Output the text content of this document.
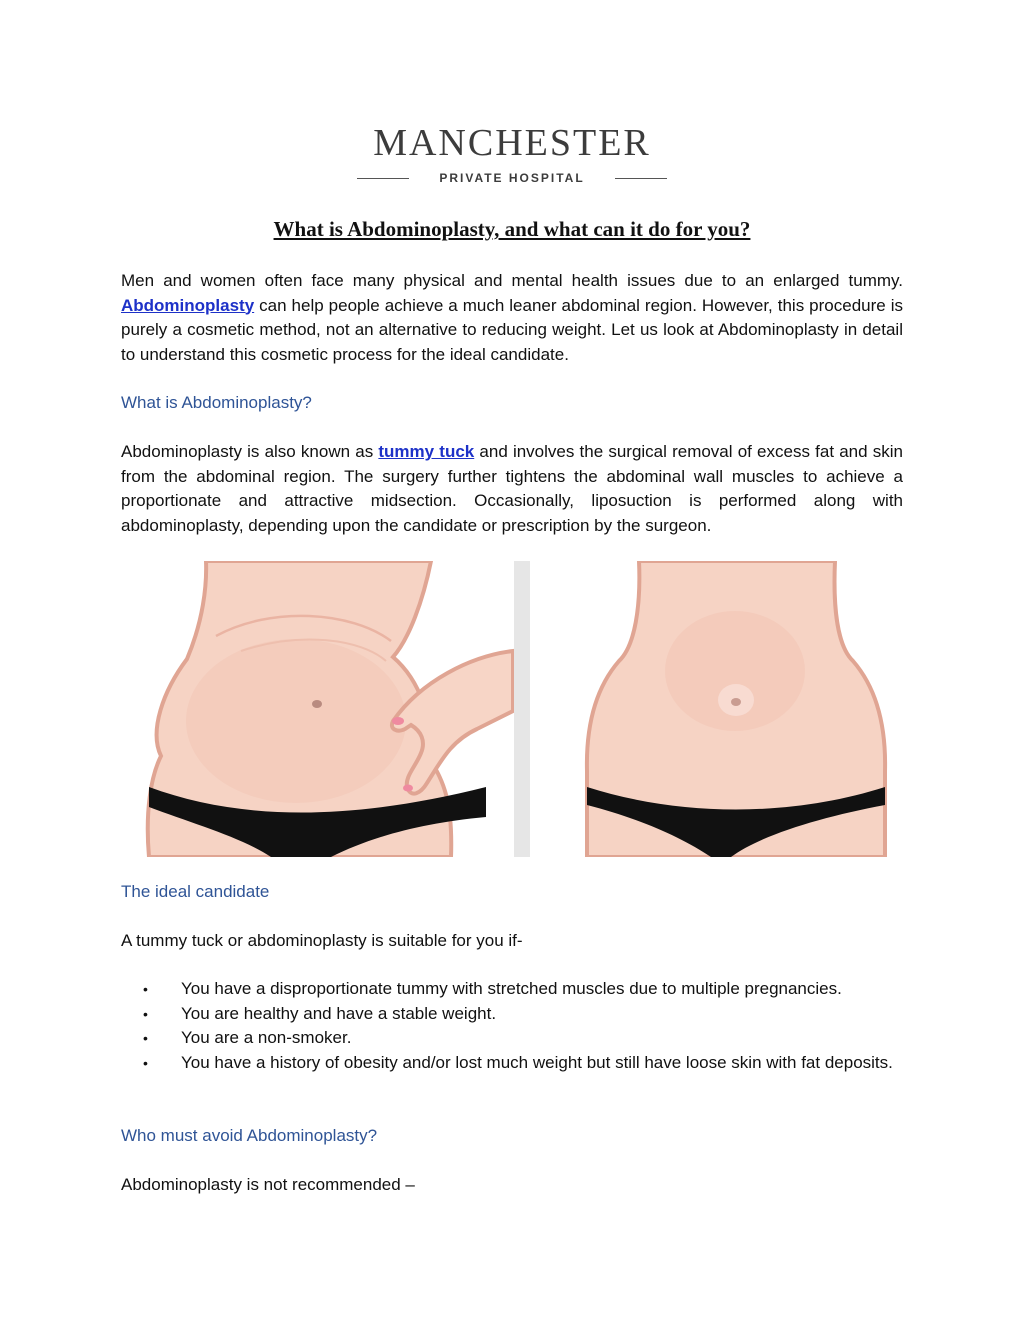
MANCHESTER
PRIVATE HOSPITAL
What is Abdominoplasty, and what can it do for you?
Men and women often face many physical and mental health issues due to an enlarged tummy. Abdominoplasty can help people achieve a much leaner abdominal region. However, this procedure is purely a cosmetic method, not an alternative to reducing weight. Let us look at Abdominoplasty in detail to understand this cosmetic process for the ideal candidate.
What is Abdominoplasty?
Abdominoplasty is also known as tummy tuck and involves the surgical removal of excess fat and skin from the abdominal region. The surgery further tightens the abdominal wall muscles to achieve a proportionate and attractive midsection. Occasionally, liposuction is performed along with abdominoplasty, depending upon the candidate or prescription by the surgeon.
The ideal candidate
A tummy tuck or abdominoplasty is suitable for you if-
• You have a disproportionate tummy with stretched muscles due to multiple pregnancies.
• You are healthy and have a stable weight.
• You are a non-smoker.
• You have a history of obesity and/or lost much weight but still have loose skin with fat deposits.
Who must avoid Abdominoplasty?
Abdominoplasty is not recommended –
